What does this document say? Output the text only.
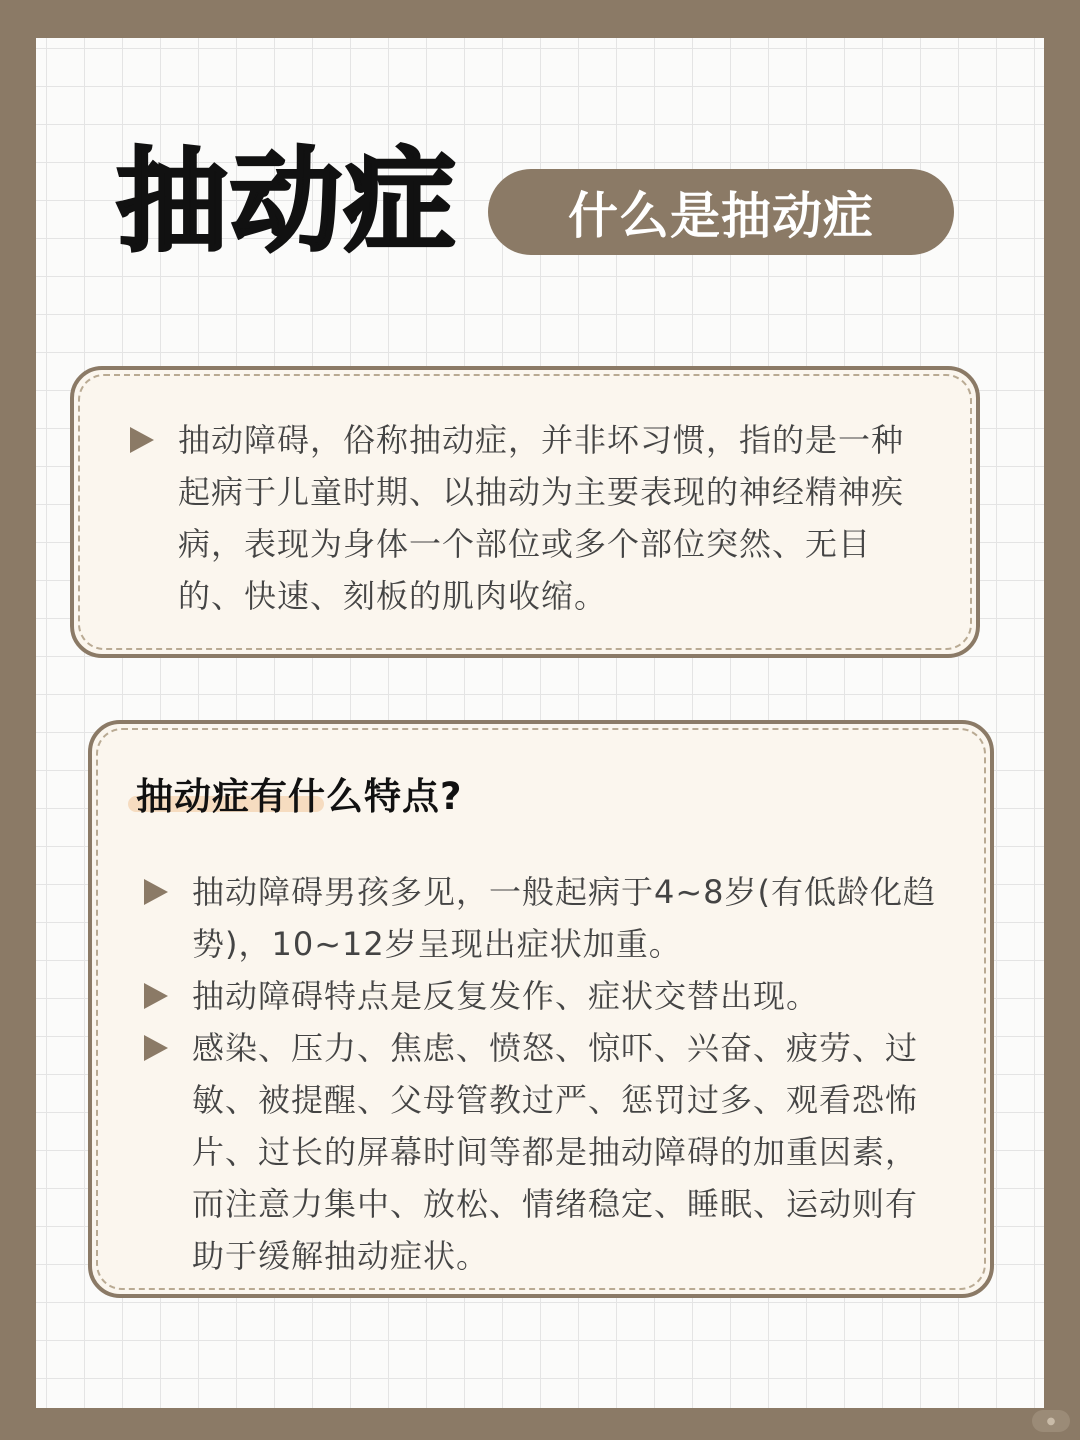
抽动症 什么是抽动症
抽动障碍，俗称抽动症，并非坏习惯，指的是一种起病于儿童时期、以抽动为主要表现的神经精神疾病，表现为身体一个部位或多个部位突然、无目的、快速、刻板的肌肉收缩。
抽动症有什么特点?
抽动障碍男孩多见，一般起病于4~8岁(有低龄化趋势)，10~12岁呈现出症状加重。
抽动障碍特点是反复发作、症状交替出现。
感染、压力、焦虑、愤怒、惊吓、兴奋、疲劳、过敏、被提醒、父母管教过严、惩罚过多、观看恐怖片、过长的屏幕时间等都是抽动障碍的加重因素，而注意力集中、放松、情绪稳定、睡眠、运动则有助于缓解抽动症状。
●
